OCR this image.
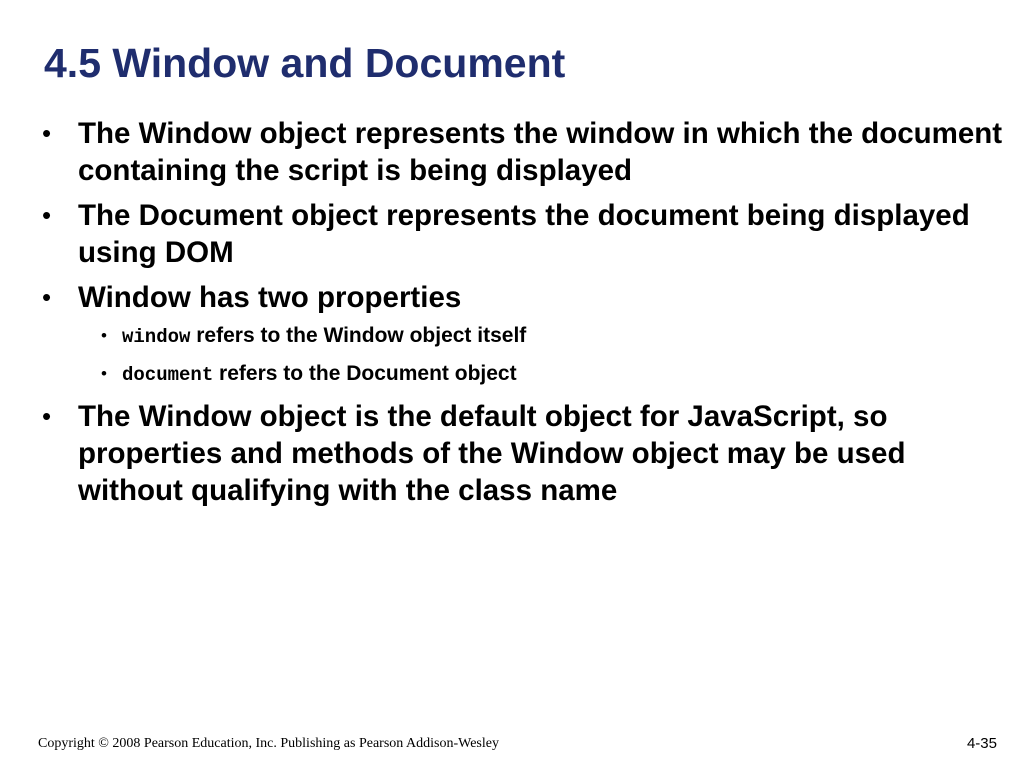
4.5 Window and Document
• The Window object represents the window in which the document containing the script is being displayed
• The Document object represents the document being displayed using DOM
• Window has two properties
• window refers to the Window object itself
• document refers to the Document object
• The Window object is the default object for JavaScript, so properties and methods of the Window object may be used without qualifying with the class name
Copyright © 2008 Pearson Education, Inc. Publishing as Pearson Addison-Wesley	4-35
